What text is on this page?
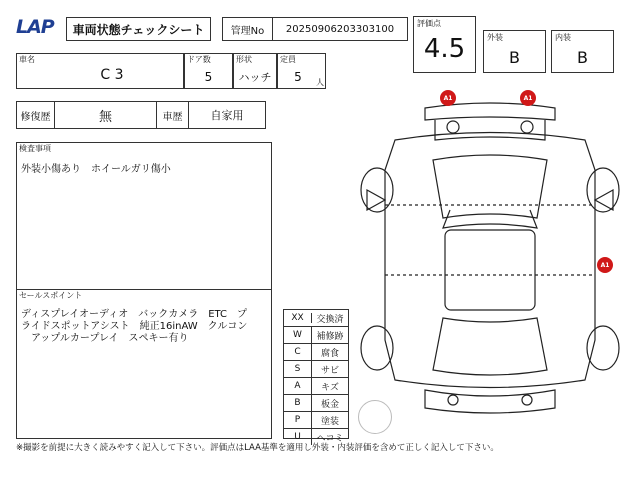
LAP	車両状態チェックシート	管理No	20250906203303100	評価点
4.5	外装
B
内装
B
車名
C 3
ドア数
5
形状
ハッチ
定員
5	人
修復歴	無	車歴	自家用
検査事項
外装小傷あり　ホイールガリ傷小
セールスポイント
ディスプレイオーディオ　バックカメラ　ETC　プ
ライドスポットアシスト　純正16inAW　クルコン
　アップルカープレイ　スペキー有り
XX	交換済
W	補修跡
C	腐食
S	サビ
A	キズ
B	板金
P	塗装
U	ヘコミ
A1	A1
A1
※撮影を前提に大きく読みやすく記入して下さい。評価点はLAA基準を適用し外装・内装評価を含めて正しく記入して下さい。
